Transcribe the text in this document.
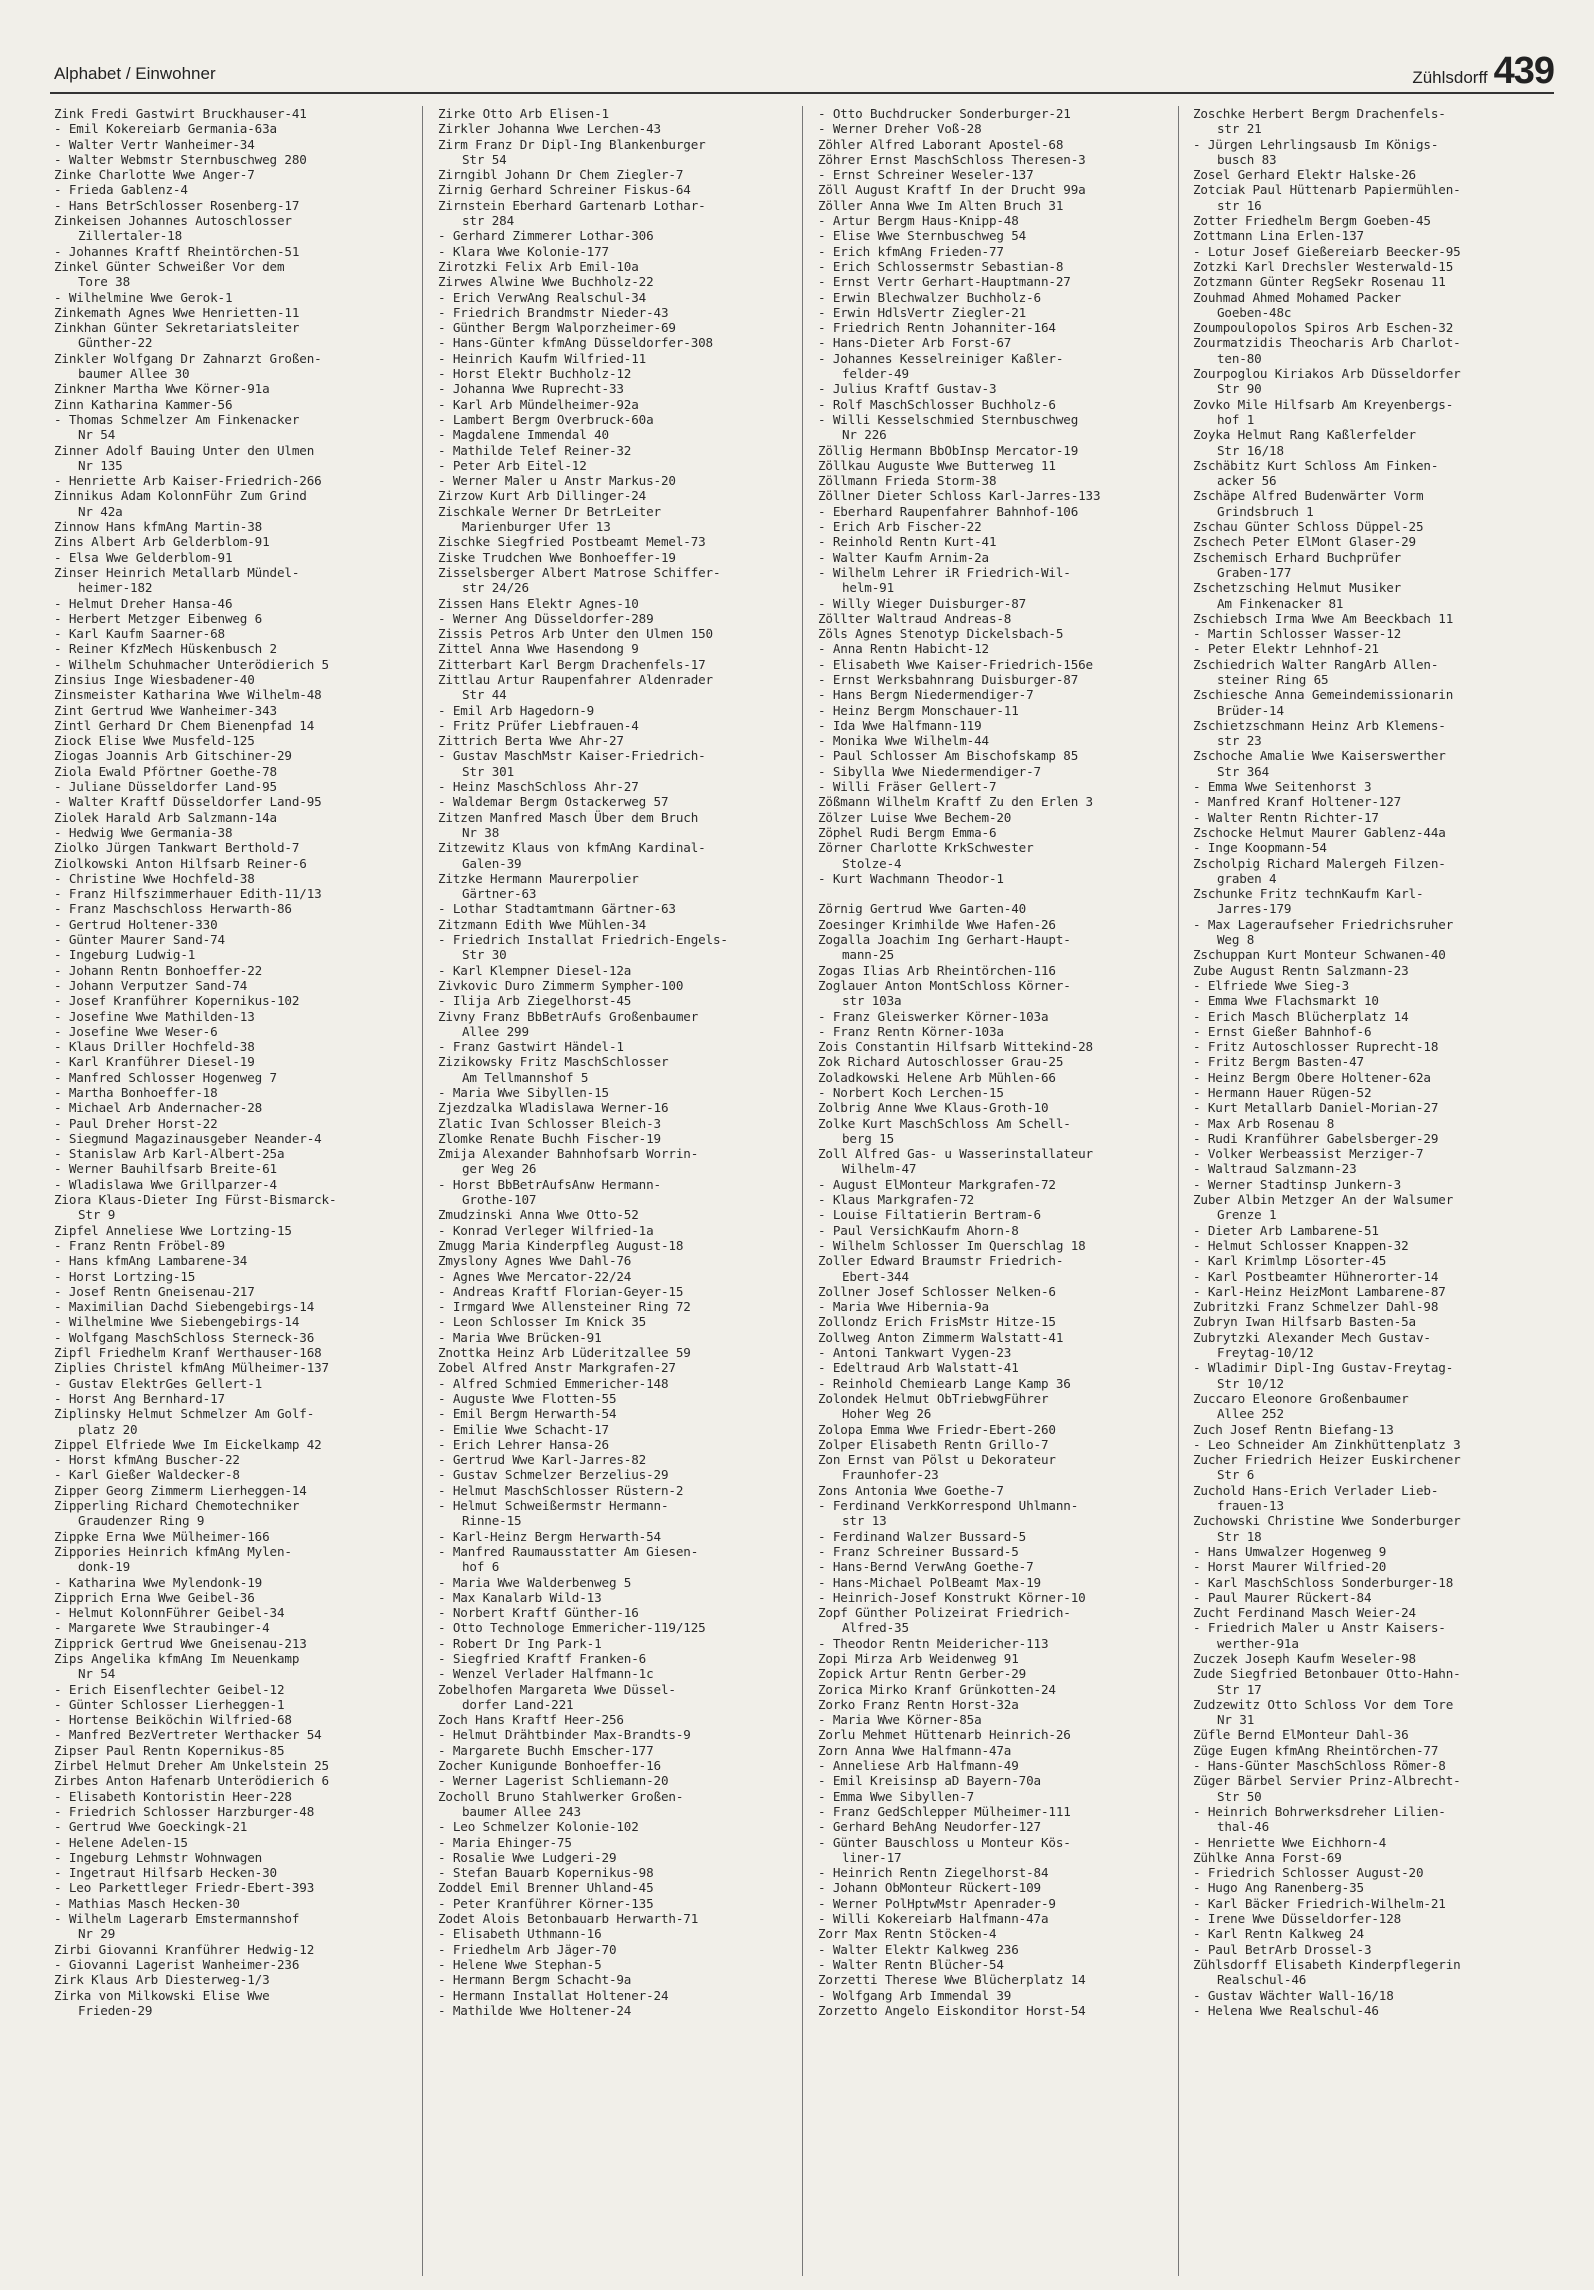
Alphabet / Einwohner	Zühlsdorff 439
Zink Fredi Gastwirt Bruckhauser-41
- Emil Kokereiarb Germania-63a
- Walter Vertr Wanheimer-34
- Walter Webmstr Sternbuschweg 280
Zinke Charlotte Wwe Anger-7
- Frieda Gablenz-4
- Hans BetrSchlosser Rosenberg-17
Zinkeisen Johannes Autoschlosser
Zillertaler-18
- Johannes Kraftf Rheintörchen-51
Zinkel Günter Schweißer Vor dem
Tore 38
- Wilhelmine Wwe Gerok-1
Zinkemath Agnes Wwe Henrietten-11
Zinkhan Günter Sekretariatsleiter
Günther-22
Zinkler Wolfgang Dr Zahnarzt Großen-
baumer Allee 30
Zinkner Martha Wwe Körner-91a
Zinn Katharina Kammer-56
- Thomas Schmelzer Am Finkenacker
Nr 54
Zinner Adolf Bauing Unter den Ulmen
Nr 135
- Henriette Arb Kaiser-Friedrich-266
Zinnikus Adam KolonnFühr Zum Grind
Nr 42a
Zinnow Hans kfmAng Martin-38
Zins Albert Arb Gelderblom-91
- Elsa Wwe Gelderblom-91
Zinser Heinrich Metallarb Mündel-
heimer-182
- Helmut Dreher Hansa-46
- Herbert Metzger Eibenweg 6
- Karl Kaufm Saarner-68
- Reiner KfzMech Hüskenbusch 2
- Wilhelm Schuhmacher Unterödierich 5
Zinsius Inge Wiesbadener-40
Zinsmeister Katharina Wwe Wilhelm-48
Zint Gertrud Wwe Wanheimer-343
Zintl Gerhard Dr Chem Bienenpfad 14
Ziock Elise Wwe Musfeld-125
Ziogas Joannis Arb Gitschiner-29
Ziola Ewald Pförtner Goethe-78
- Juliane Düsseldorfer Land-95
- Walter Kraftf Düsseldorfer Land-95
Ziolek Harald Arb Salzmann-14a
- Hedwig Wwe Germania-38
Ziolko Jürgen Tankwart Berthold-7
Ziolkowski Anton Hilfsarb Reiner-6
- Christine Wwe Hochfeld-38
- Franz Hilfszimmerhauer Edith-11/13
- Franz Maschschloss Herwarth-86
- Gertrud Holtener-330
- Günter Maurer Sand-74
- Ingeburg Ludwig-1
- Johann Rentn Bonhoeffer-22
- Johann Verputzer Sand-74
- Josef Kranführer Kopernikus-102
- Josefine Wwe Mathilden-13
- Josefine Wwe Weser-6
- Klaus Driller Hochfeld-38
- Karl Kranführer Diesel-19
- Manfred Schlosser Hogenweg 7
- Martha Bonhoeffer-18
- Michael Arb Andernacher-28
- Paul Dreher Horst-22
- Siegmund Magazinausgeber Neander-4
- Stanislaw Arb Karl-Albert-25a
- Werner Bauhilfsarb Breite-61
- Wladislawa Wwe Grillparzer-4
Ziora Klaus-Dieter Ing Fürst-Bismarck-
Str 9
Zipfel Anneliese Wwe Lortzing-15
- Franz Rentn Fröbel-89
- Hans kfmAng Lambarene-34
- Horst Lortzing-15
- Josef Rentn Gneisenau-217
- Maximilian Dachd Siebengebirgs-14
- Wilhelmine Wwe Siebengebirgs-14
- Wolfgang MaschSchloss Sterneck-36
Zipfl Friedhelm Kranf Werthauser-168
Ziplies Christel kfmAng Mülheimer-137
- Gustav ElektrGes Gellert-1
- Horst Ang Bernhard-17
Ziplinsky Helmut Schmelzer Am Golf-
platz 20
Zippel Elfriede Wwe Im Eickelkamp 42
- Horst kfmAng Buscher-22
- Karl Gießer Waldecker-8
Zipper Georg Zimmerm Lierheggen-14
Zipperling Richard Chemotechniker
Graudenzer Ring 9
Zippke Erna Wwe Mülheimer-166
Zippories Heinrich kfmAng Mylen-
donk-19
- Katharina Wwe Mylendonk-19
Zipprich Erna Wwe Geibel-36
- Helmut KolonnFührer Geibel-34
- Margarete Wwe Straubinger-4
Zipprick Gertrud Wwe Gneisenau-213
Zips Angelika kfmAng Im Neuenkamp
Nr 54
- Erich Eisenflechter Geibel-12
- Günter Schlosser Lierheggen-1
- Hortense Beiköchin Wilfried-68
- Manfred BezVertreter Werthacker 54
Zipser Paul Rentn Kopernikus-85
Zirbel Helmut Dreher Am Unkelstein 25
Zirbes Anton Hafenarb Unterödierich 6
- Elisabeth Kontoristin Heer-228
- Friedrich Schlosser Harzburger-48
- Gertrud Wwe Goeckingk-21
- Helene Adelen-15
- Ingeburg Lehmstr Wohnwagen
- Ingetraut Hilfsarb Hecken-30
- Leo Parkettleger Friedr-Ebert-393
- Mathias Masch Hecken-30
- Wilhelm Lagerarb Emstermannshof
Nr 29
Zirbi Giovanni Kranführer Hedwig-12
- Giovanni Lagerist Wanheimer-236
Zirk Klaus Arb Diesterweg-1/3
Zirka von Milkowski Elise Wwe
Frieden-29
Zirke Otto Arb Elisen-1
Zirkler Johanna Wwe Lerchen-43
Zirm Franz Dr Dipl-Ing Blankenburger
Str 54
Zirngibl Johann Dr Chem Ziegler-7
Zirnig Gerhard Schreiner Fiskus-64
Zirnstein Eberhard Gartenarb Lothar-
str 284
- Gerhard Zimmerer Lothar-306
- Klara Wwe Kolonie-177
Zirotzki Felix Arb Emil-10a
Zirwes Alwine Wwe Buchholz-22
- Erich VerwAng Realschul-34
- Friedrich Brandmstr Nieder-43
- Günther Bergm Walporzheimer-69
- Hans-Günter kfmAng Düsseldorfer-308
- Heinrich Kaufm Wilfried-11
- Horst Elektr Buchholz-12
- Johanna Wwe Ruprecht-33
- Karl Arb Mündelheimer-92a
- Lambert Bergm Overbruck-60a
- Magdalene Immendal 40
- Mathilde Telef Reiner-32
- Peter Arb Eitel-12
- Werner Maler u Anstr Markus-20
Zirzow Kurt Arb Dillinger-24
Zischkale Werner Dr BetrLeiter
Marienburger Ufer 13
Zischke Siegfried Postbeamt Memel-73
Ziske Trudchen Wwe Bonhoeffer-19
Zisselsberger Albert Matrose Schiffer-
str 24/26
Zissen Hans Elektr Agnes-10
- Werner Ang Düsseldorfer-289
Zissis Petros Arb Unter den Ulmen 150
Zittel Anna Wwe Hasendong 9
Zitterbart Karl Bergm Drachenfels-17
Zittlau Artur Raupenfahrer Aldenrader
Str 44
- Emil Arb Hagedorn-9
- Fritz Prüfer Liebfrauen-4
Zittrich Berta Wwe Ahr-27
- Gustav MaschMstr Kaiser-Friedrich-
Str 301
- Heinz MaschSchloss Ahr-27
- Waldemar Bergm Ostackerweg 57
Zitzen Manfred Masch Über dem Bruch
Nr 38
Zitzewitz Klaus von kfmAng Kardinal-
Galen-39
Zitzke Hermann Maurerpolier
Gärtner-63
- Lothar Stadtamtmann Gärtner-63
Zitzmann Edith Wwe Mühlen-34
- Friedrich Installat Friedrich-Engels-
Str 30
- Karl Klempner Diesel-12a
Zivkovic Duro Zimmerm Sympher-100
- Ilija Arb Ziegelhorst-45
Zivny Franz BbBetrAufs Großenbaumer
Allee 299
- Franz Gastwirt Händel-1
Zizikowsky Fritz MaschSchlosser
Am Tellmannshof 5
- Maria Wwe Sibyllen-15
Zjezdzalka Wladislawa Werner-16
Zlatic Ivan Schlosser Bleich-3
Zlomke Renate Buchh Fischer-19
Zmija Alexander Bahnhofsarb Worrin-
ger Weg 26
- Horst BbBetrAufsAnw Hermann-
Grothe-107
Zmudzinski Anna Wwe Otto-52
- Konrad Verleger Wilfried-1a
Zmugg Maria Kinderpfleg August-18
Zmyslony Agnes Wwe Dahl-76
- Agnes Wwe Mercator-22/24
- Andreas Kraftf Florian-Geyer-15
- Irmgard Wwe Allensteiner Ring 72
- Leon Schlosser Im Knick 35
- Maria Wwe Brücken-91
Znottka Heinz Arb Lüderitzallee 59
Zobel Alfred Anstr Markgrafen-27
- Alfred Schmied Emmericher-148
- Auguste Wwe Flotten-55
- Emil Bergm Herwarth-54
- Emilie Wwe Schacht-17
- Erich Lehrer Hansa-26
- Gertrud Wwe Karl-Jarres-82
- Gustav Schmelzer Berzelius-29
- Helmut MaschSchlosser Rüstern-2
- Helmut Schweißermstr Hermann-
Rinne-15
- Karl-Heinz Bergm Herwarth-54
- Manfred Raumausstatter Am Giesen-
hof 6
- Maria Wwe Walderbenweg 5
- Max Kanalarb Wild-13
- Norbert Kraftf Günther-16
- Otto Technologe Emmericher-119/125
- Robert Dr Ing Park-1
- Siegfried Kraftf Franken-6
- Wenzel Verlader Halfmann-1c
Zobelhofen Margareta Wwe Düssel-
dorfer Land-221
Zoch Hans Kraftf Heer-256
- Helmut Drähtbinder Max-Brandts-9
- Margarete Buchh Emscher-177
Zocher Kunigunde Bonhoeffer-16
- Werner Lagerist Schliemann-20
Zocholl Bruno Stahlwerker Großen-
baumer Allee 243
- Leo Schmelzer Kolonie-102
- Maria Ehinger-75
- Rosalie Wwe Ludgeri-29
- Stefan Bauarb Kopernikus-98
Zoddel Emil Brenner Uhland-45
- Peter Kranführer Körner-135
Zodet Alois Betonbauarb Herwarth-71
- Elisabeth Uthmann-16
- Friedhelm Arb Jäger-70
- Helene Wwe Stephan-5
- Hermann Bergm Schacht-9a
- Hermann Installat Holtener-24
- Mathilde Wwe Holtener-24
- Otto Buchdrucker Sonderburger-21
- Werner Dreher Voß-28
Zöhler Alfred Laborant Apostel-68
Zöhrer Ernst MaschSchloss Theresen-3
- Ernst Schreiner Weseler-137
Zöll August Kraftf In der Drucht 99a
Zöller Anna Wwe Im Alten Bruch 31
- Artur Bergm Haus-Knipp-48
- Elise Wwe Sternbuschweg 54
- Erich kfmAng Frieden-77
- Erich Schlossermstr Sebastian-8
- Ernst Vertr Gerhart-Hauptmann-27
- Erwin Blechwalzer Buchholz-6
- Erwin HdlsVertr Ziegler-21
- Friedrich Rentn Johanniter-164
- Hans-Dieter Arb Forst-67
- Johannes Kesselreiniger Kaßler-
felder-49
- Julius Kraftf Gustav-3
- Rolf MaschSchlosser Buchholz-6
- Willi Kesselschmied Sternbuschweg
Nr 226
Zöllig Hermann BbObInsp Mercator-19
Zöllkau Auguste Wwe Butterweg 11
Zöllmann Frieda Storm-38
Zöllner Dieter Schloss Karl-Jarres-133
- Eberhard Raupenfahrer Bahnhof-106
- Erich Arb Fischer-22
- Reinhold Rentn Kurt-41
- Walter Kaufm Arnim-2a
- Wilhelm Lehrer iR Friedrich-Wil-
helm-91
- Willy Wieger Duisburger-87
Zöllter Waltraud Andreas-8
Zöls Agnes Stenotyp Dickelsbach-5
- Anna Rentn Habicht-12
- Elisabeth Wwe Kaiser-Friedrich-156e
- Ernst Werksbahnrang Duisburger-87
- Hans Bergm Niedermendiger-7
- Heinz Bergm Monschauer-11
- Ida Wwe Halfmann-119
- Monika Wwe Wilhelm-44
- Paul Schlosser Am Bischofskamp 85
- Sibylla Wwe Niedermendiger-7
- Willi Fräser Gellert-7
Zößmann Wilhelm Kraftf Zu den Erlen 3
Zölzer Luise Wwe Bechem-20
Zöphel Rudi Bergm Emma-6
Zörner Charlotte KrkSchwester
Stolze-4
- Kurt Wachmann Theodor-1

Zörnig Gertrud Wwe Garten-40
Zoesinger Krimhilde Wwe Hafen-26
Zogalla Joachim Ing Gerhart-Haupt-
mann-25
Zogas Ilias Arb Rheintörchen-116
Zoglauer Anton MontSchloss Körner-
str 103a
- Franz Gleiswerker Körner-103a
- Franz Rentn Körner-103a
Zois Constantin Hilfsarb Wittekind-28
Zok Richard Autoschlosser Grau-25
Zoladkowski Helene Arb Mühlen-66
- Norbert Koch Lerchen-15
Zolbrig Anne Wwe Klaus-Groth-10
Zolke Kurt MaschSchloss Am Schell-
berg 15
Zoll Alfred Gas- u Wasserinstallateur
Wilhelm-47
- August ElMonteur Markgrafen-72
- Klaus Markgrafen-72
- Louise Filtatierin Bertram-6
- Paul VersichKaufm Ahorn-8
- Wilhelm Schlosser Im Querschlag 18
Zoller Edward Braumstr Friedrich-
Ebert-344
Zollner Josef Schlosser Nelken-6
- Maria Wwe Hibernia-9a
Zollondz Erich FrisMstr Hitze-15
Zollweg Anton Zimmerm Walstatt-41
- Antoni Tankwart Vygen-23
- Edeltraud Arb Walstatt-41
- Reinhold Chemiearb Lange Kamp 36
Zolondek Helmut ObTriebwgFührer
Hoher Weg 26
Zolopa Emma Wwe Friedr-Ebert-260
Zolper Elisabeth Rentn Grillo-7
Zon Ernst van Pölst u Dekorateur
Fraunhofer-23
Zons Antonia Wwe Goethe-7
- Ferdinand VerkKorrespond Uhlmann-
str 13
- Ferdinand Walzer Bussard-5
- Franz Schreiner Bussard-5
- Hans-Bernd VerwAng Goethe-7
- Hans-Michael PolBeamt Max-19
- Heinrich-Josef Konstrukt Körner-10
Zopf Günther Polizeirat Friedrich-
Alfred-35
- Theodor Rentn Meidericher-113
Zopi Mirza Arb Weidenweg 91
Zopick Artur Rentn Gerber-29
Zorica Mirko Kranf Grünkotten-24
Zorko Franz Rentn Horst-32a
- Maria Wwe Körner-85a
Zorlu Mehmet Hüttenarb Heinrich-26
Zorn Anna Wwe Halfmann-47a
- Anneliese Arb Halfmann-49
- Emil Kreisinsp aD Bayern-70a
- Emma Wwe Sibyllen-7
- Franz GedSchlepper Mülheimer-111
- Gerhard BehAng Neudorfer-127
- Günter Bauschloss u Monteur Kös-
liner-17
- Heinrich Rentn Ziegelhorst-84
- Johann ObMonteur Rückert-109
- Werner PolHptwMstr Apenrader-9
- Willi Kokereiarb Halfmann-47a
Zorr Max Rentn Stöcken-4
- Walter Elektr Kalkweg 236
- Walter Rentn Blücher-54
Zorzetti Therese Wwe Blücherplatz 14
- Wolfgang Arb Immendal 39
Zorzetto Angelo Eiskonditor Horst-54
Zoschke Herbert Bergm Drachenfels-
str 21
- Jürgen Lehrlingsausb Im Königs-
busch 83
Zosel Gerhard Elektr Halske-26
Zotciak Paul Hüttenarb Papiermühlen-
str 16
Zotter Friedhelm Bergm Goeben-45
Zottmann Lina Erlen-137
- Lotur Josef Gießereiarb Beecker-95
Zotzki Karl Drechsler Westerwald-15
Zotzmann Günter RegSekr Rosenau 11
Zouhmad Ahmed Mohamed Packer
Goeben-48c
Zoumpoulopolos Spiros Arb Eschen-32
Zourmatzidis Theocharis Arb Charlot-
ten-80
Zourpoglou Kiriakos Arb Düsseldorfer
Str 90
Zovko Mile Hilfsarb Am Kreyenbergs-
hof 1
Zoyka Helmut Rang Kaßlerfelder
Str 16/18
Zschäbitz Kurt Schloss Am Finken-
acker 56
Zschäpe Alfred Budenwärter Vorm
Grindsbruch 1
Zschau Günter Schloss Düppel-25
Zschech Peter ElMont Glaser-29
Zschemisch Erhard Buchprüfer
Graben-177
Zschetzsching Helmut Musiker
Am Finkenacker 81
Zschiebsch Irma Wwe Am Beeckbach 11
- Martin Schlosser Wasser-12
- Peter Elektr Lehnhof-21
Zschiedrich Walter RangArb Allen-
steiner Ring 65
Zschiesche Anna Gemeindemissionarin
Brüder-14
Zschietzschmann Heinz Arb Klemens-
str 23
Zschoche Amalie Wwe Kaiserswerther
Str 364
- Emma Wwe Seitenhorst 3
- Manfred Kranf Holtener-127
- Walter Rentn Richter-17
Zschocke Helmut Maurer Gablenz-44a
- Inge Koopmann-54
Zscholpig Richard Malergeh Filzen-
graben 4
Zschunke Fritz technKaufm Karl-
Jarres-179
- Max Lageraufseher Friedrichsruher
Weg 8
Zschuppan Kurt Monteur Schwanen-40
Zube August Rentn Salzmann-23
- Elfriede Wwe Sieg-3
- Emma Wwe Flachsmarkt 10
- Erich Masch Blücherplatz 14
- Ernst Gießer Bahnhof-6
- Fritz Autoschlosser Ruprecht-18
- Fritz Bergm Basten-47
- Heinz Bergm Obere Holtener-62a
- Hermann Hauer Rügen-52
- Kurt Metallarb Daniel-Morian-27
- Max Arb Rosenau 8
- Rudi Kranführer Gabelsberger-29
- Volker Werbeassist Merziger-7
- Waltraud Salzmann-23
- Werner Stadtinsp Junkern-3
Zuber Albin Metzger An der Walsumer
Grenze 1
- Dieter Arb Lambarene-51
- Helmut Schlosser Knappen-32
- Karl Krimlmp Lösorter-45
- Karl Postbeamter Hühnerorter-14
- Karl-Heinz HeizMont Lambarene-87
Zubritzki Franz Schmelzer Dahl-98
Zubryn Iwan Hilfsarb Basten-5a
Zubrytzki Alexander Mech Gustav-
Freytag-10/12
- Wladimir Dipl-Ing Gustav-Freytag-
Str 10/12
Zuccaro Eleonore Großenbaumer
Allee 252
Zuch Josef Rentn Biefang-13
- Leo Schneider Am Zinkhüttenplatz 3
Zucher Friedrich Heizer Euskirchener
Str 6
Zuchold Hans-Erich Verlader Lieb-
frauen-13
Zuchowski Christine Wwe Sonderburger
Str 18
- Hans Umwalzer Hogenweg 9
- Horst Maurer Wilfried-20
- Karl MaschSchloss Sonderburger-18
- Paul Maurer Rückert-84
Zucht Ferdinand Masch Weier-24
- Friedrich Maler u Anstr Kaisers-
werther-91a
Zuczek Joseph Kaufm Weseler-98
Zude Siegfried Betonbauer Otto-Hahn-
Str 17
Zudzewitz Otto Schloss Vor dem Tore
Nr 31
Züfle Bernd ElMonteur Dahl-36
Züge Eugen kfmAng Rheintörchen-77
- Hans-Günter MaschSchloss Römer-8
Züger Bärbel Servier Prinz-Albrecht-
Str 50
- Heinrich Bohrwerksdreher Lilien-
thal-46
- Henriette Wwe Eichhorn-4
Zühlke Anna Forst-69
- Friedrich Schlosser August-20
- Hugo Ang Ranenberg-35
- Karl Bäcker Friedrich-Wilhelm-21
- Irene Wwe Düsseldorfer-128
- Karl Rentn Kalkweg 24
- Paul BetrArb Drossel-3
Zühlsdorff Elisabeth Kinderpflegerin
Realschul-46
- Gustav Wächter Wall-16/18
- Helena Wwe Realschul-46
